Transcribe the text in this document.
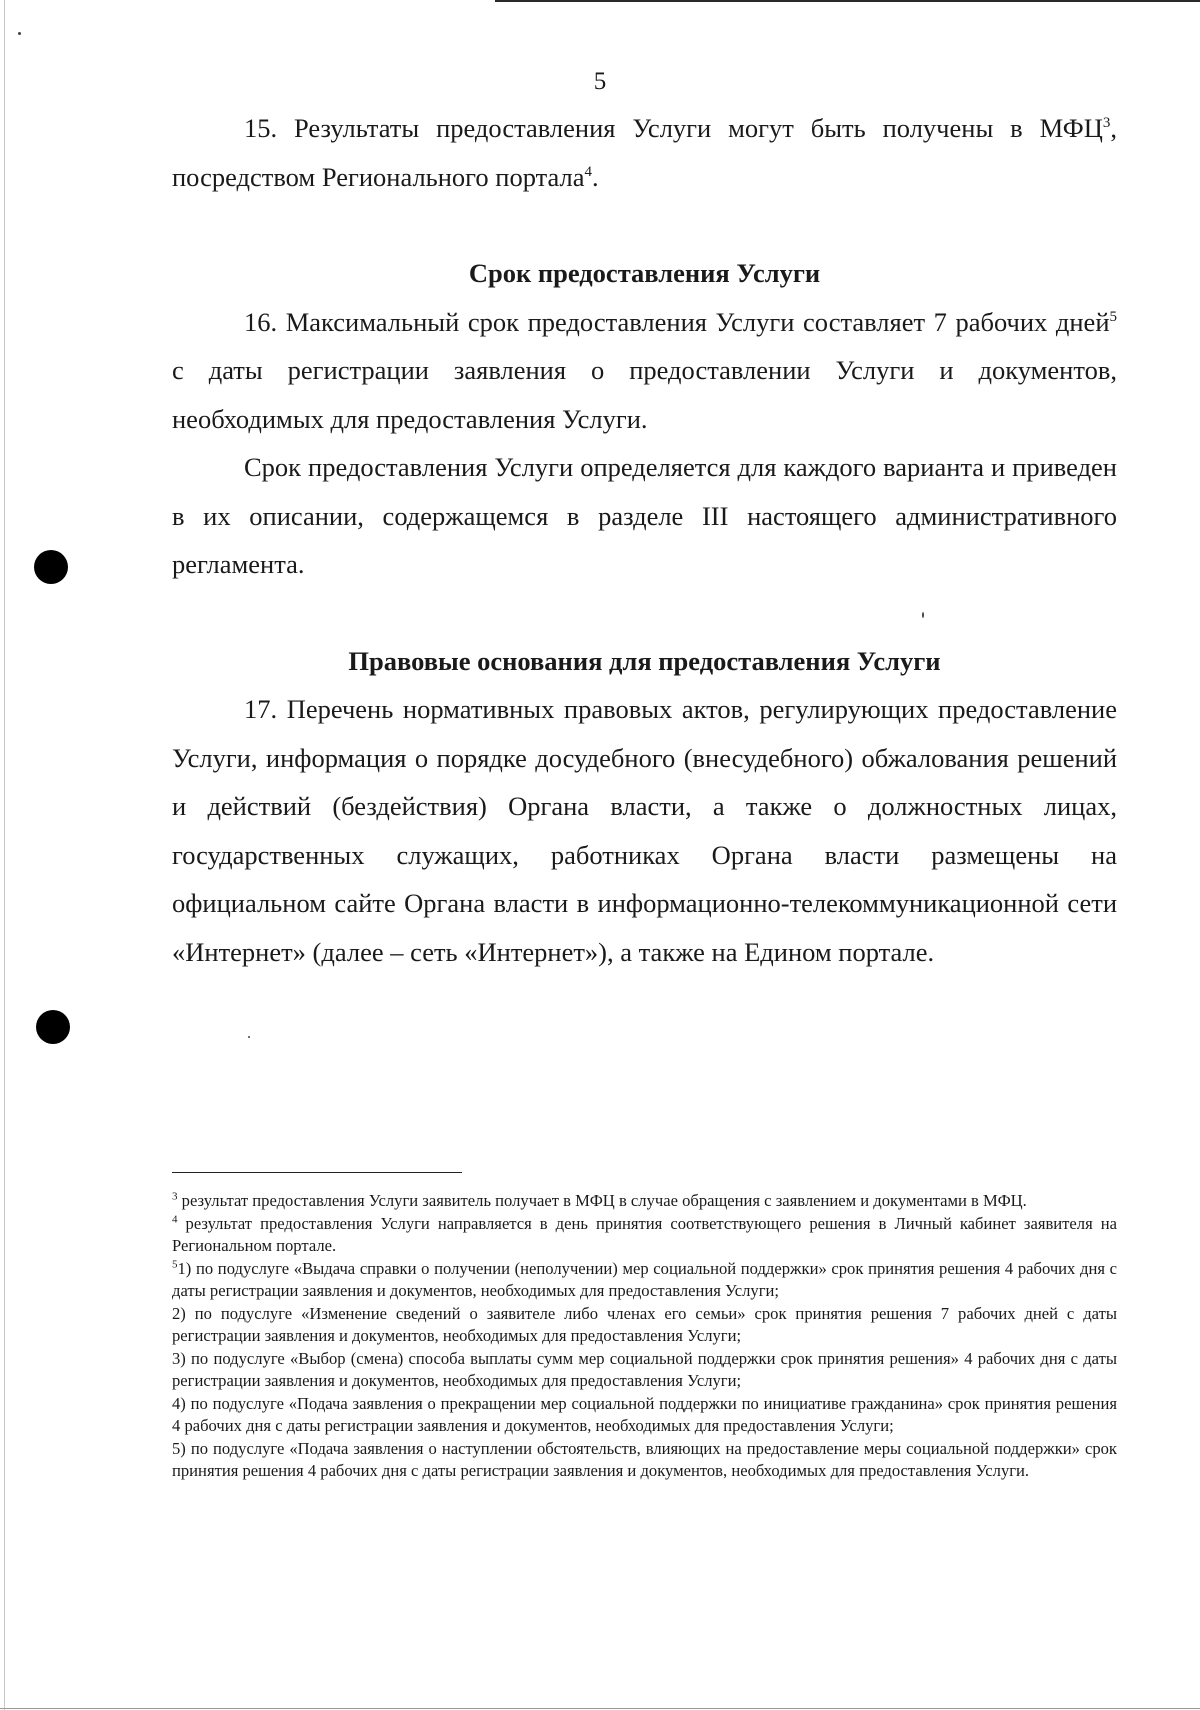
5

15. Результаты предоставления Услуги могут быть получены в МФЦ$^3$, посредством Регионального портала$^4$.

Срок предоставления Услуги

16. Максимальный срок предоставления Услуги составляет 7 рабочих дней$^5$ с даты регистрации заявления о предоставлении Услуги и документов, необходимых для предоставления Услуги.

Срок предоставления Услуги определяется для каждого варианта и приведен в их описании, содержащемся в разделе III настоящего административного регламента.

Правовые основания для предоставления Услуги

17. Перечень нормативных правовых актов, регулирующих предоставление Услуги, информация о порядке досудебного (внесудебного) обжалования решений и действий (бездействия) Органа власти, а также о должностных лицах, государственных служащих, работниках Органа власти размещены на официальном сайте Органа власти в информационно-телекоммуникационной сети «Интернет» (далее – сеть «Интернет»), а также на Едином портале.

$^3$ результат предоставления Услуги заявитель получает в МФЦ в случае обращения с заявлением и документами в МФЦ.

$^4$ результат предоставления Услуги направляется в день принятия соответствующего решения в Личный кабинет заявителя на Региональном портале.

$^5$1) по подуслуге «Выдача справки о получении (неполучении) мер социальной поддержки» срок принятия решения 4 рабочих дня с даты регистрации заявления и документов, необходимых для предоставления Услуги;

2) по подуслуге «Изменение сведений о заявителе либо членах его семьи» срок принятия решения 7 рабочих дней с даты регистрации заявления и документов, необходимых для предоставления Услуги;

3) по подуслуге «Выбор (смена) способа выплаты сумм мер социальной поддержки срок принятия решения» 4 рабочих дня с даты регистрации заявления и документов, необходимых для предоставления Услуги;

4) по подуслуге «Подача заявления о прекращении мер социальной поддержки по инициативе гражданина» срок принятия решения 4 рабочих дня с даты регистрации заявления и документов, необходимых для предоставления Услуги;

5) по подуслуге «Подача заявления о наступлении обстоятельств, влияющих на предоставление меры социальной поддержки» срок принятия решения 4 рабочих дня с даты регистрации заявления и документов, необходимых для предоставления Услуги.
